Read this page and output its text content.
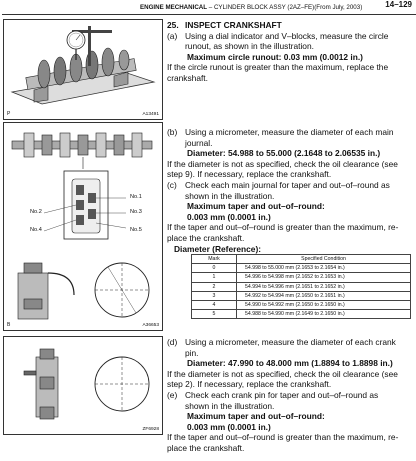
ENGINE MECHANICAL – CYLINDER BLOCK ASSY (2AZ–FE)(From July, 2003)	14–129
P	A13491
No.1
No.2	No.3
No.4	No.5
B	A36653
ZF6928
25. INSPECT CRANKSHAFT
(a) Using a dial indicator and V–blocks, measure the circle
runout, as shown in the illustration.
Maximum circle runout: 0.03 mm (0.0012 in.)
If the circle runout is greater than the maximum, replace the
crankshaft.
(b) Using a micrometer, measure the diameter of each main
journal.
Diameter: 54.988 to 55.000 (2.1648 to 2.06535 in.)
If the diameter is not as specified, check the oil clearance (see
step 9). If necessary, replace the crankshaft.
(c) Check each main journal for taper and out–of–round as
shown in the illustration.
Maximum taper and out–of–round:
0.003 mm (0.0001 in.)
If the taper and out–of–round is greater than the maximum, re-
place the crankshaft.
Diameter (Reference):
Mark	Specified Condition
0	54.998 to 55.000 mm (2.1653 to 2.1654 in.)
1	54.996 to 54.998 mm (2.1652 to 2.1653 in.)
2	54.994 to 54.996 mm (2.1651 to 2.1652 in.)
3	54.992 to 54.994 mm (2.1650 to 2.1651 in.)
4	54.990 to 54.992 mm (2.1650 to 2.1650 in.)
5	54.988 to 54.990 mm (2.1649 to 2.1650 in.)
(d) Using a micrometer, measure the diameter of each crank
pin.
Diameter: 47.990 to 48.000 mm (1.8894 to 1.8898 in.)
If the diameter is not as specified, check the oil clearance (see
step 2). If necessary, replace the crankshaft.
(e) Check each crank pin for taper and out–of–round as
shown in the illustration.
Maximum taper and out–of–round:
0.003 mm (0.0001 in.)
If the taper and out–of–round is greater than the maximum, re-
place the crankshaft.
